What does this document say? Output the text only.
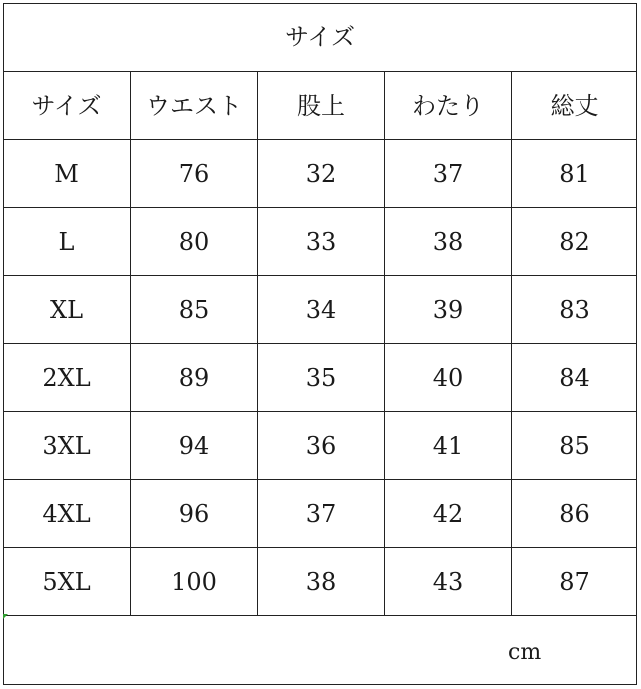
サイズ
サイズ	ウエスト	股上	わたり	総丈
M	76	32	37	81
L	80	33	38	82
XL	85	34	39	83
2XL	89	35	40	84
3XL	94	36	41	85
4XL	96	37	42	86
5XL	100	38	43	87
cm
